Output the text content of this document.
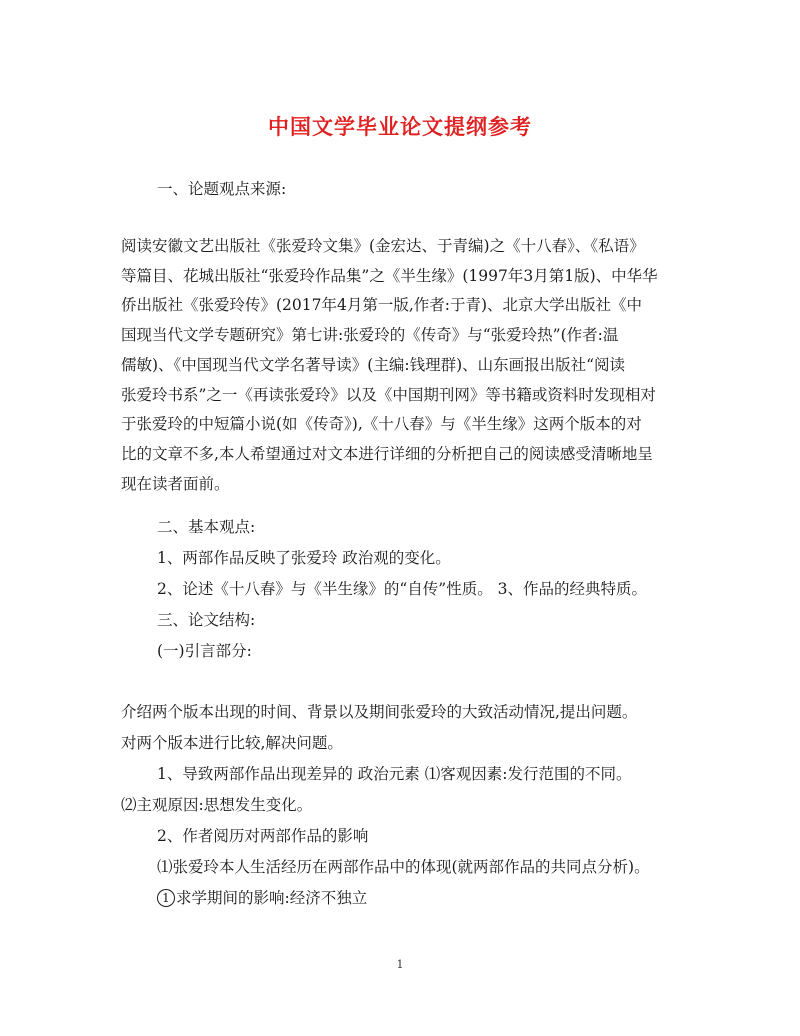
中国文学毕业论文提纲参考
一、论题观点来源:
阅读安徽文艺出版社《张爱玲文集》(金宏达、于青编)之《十八春》、《私语》
等篇目、花城出版社“张爱玲作品集”之《半生缘》(1997年3月第1版)、中华华
侨出版社《张爱玲传》(2017年4月第一版,作者:于青)、北京大学出版社《中
国现当代文学专题研究》第七讲:张爱玲的《传奇》与“张爱玲热”(作者:温
儒敏)、《中国现当代文学名著导读》(主编:钱理群)、山东画报出版社“阅读
张爱玲书系”之一《再读张爱玲》以及《中国期刊网》等书籍或资料时发现相对
于张爱玲的中短篇小说(如《传奇》),《十八春》与《半生缘》这两个版本的对
比的文章不多,本人希望通过对文本进行详细的分析把自己的阅读感受清晰地呈
现在读者面前。
二、基本观点:
1、两部作品反映了张爱玲 政治观的变化。
2、论述《十八春》与《半生缘》的“自传”性质。 3、作品的经典特质。
三、论文结构:
(一)引言部分:
介绍两个版本出现的时间、背景以及期间张爱玲的大致活动情况,提出问题。
对两个版本进行比较,解决问题。
1、导致两部作品出现差异的 政治元素 ⑴客观因素:发行范围的不同。
⑵主观原因:思想发生变化。
2、作者阅历对两部作品的影响
⑴张爱玲本人生活经历在两部作品中的体现(就两部作品的共同点分析)。
1 求学期间的影响:经济不独立
1
